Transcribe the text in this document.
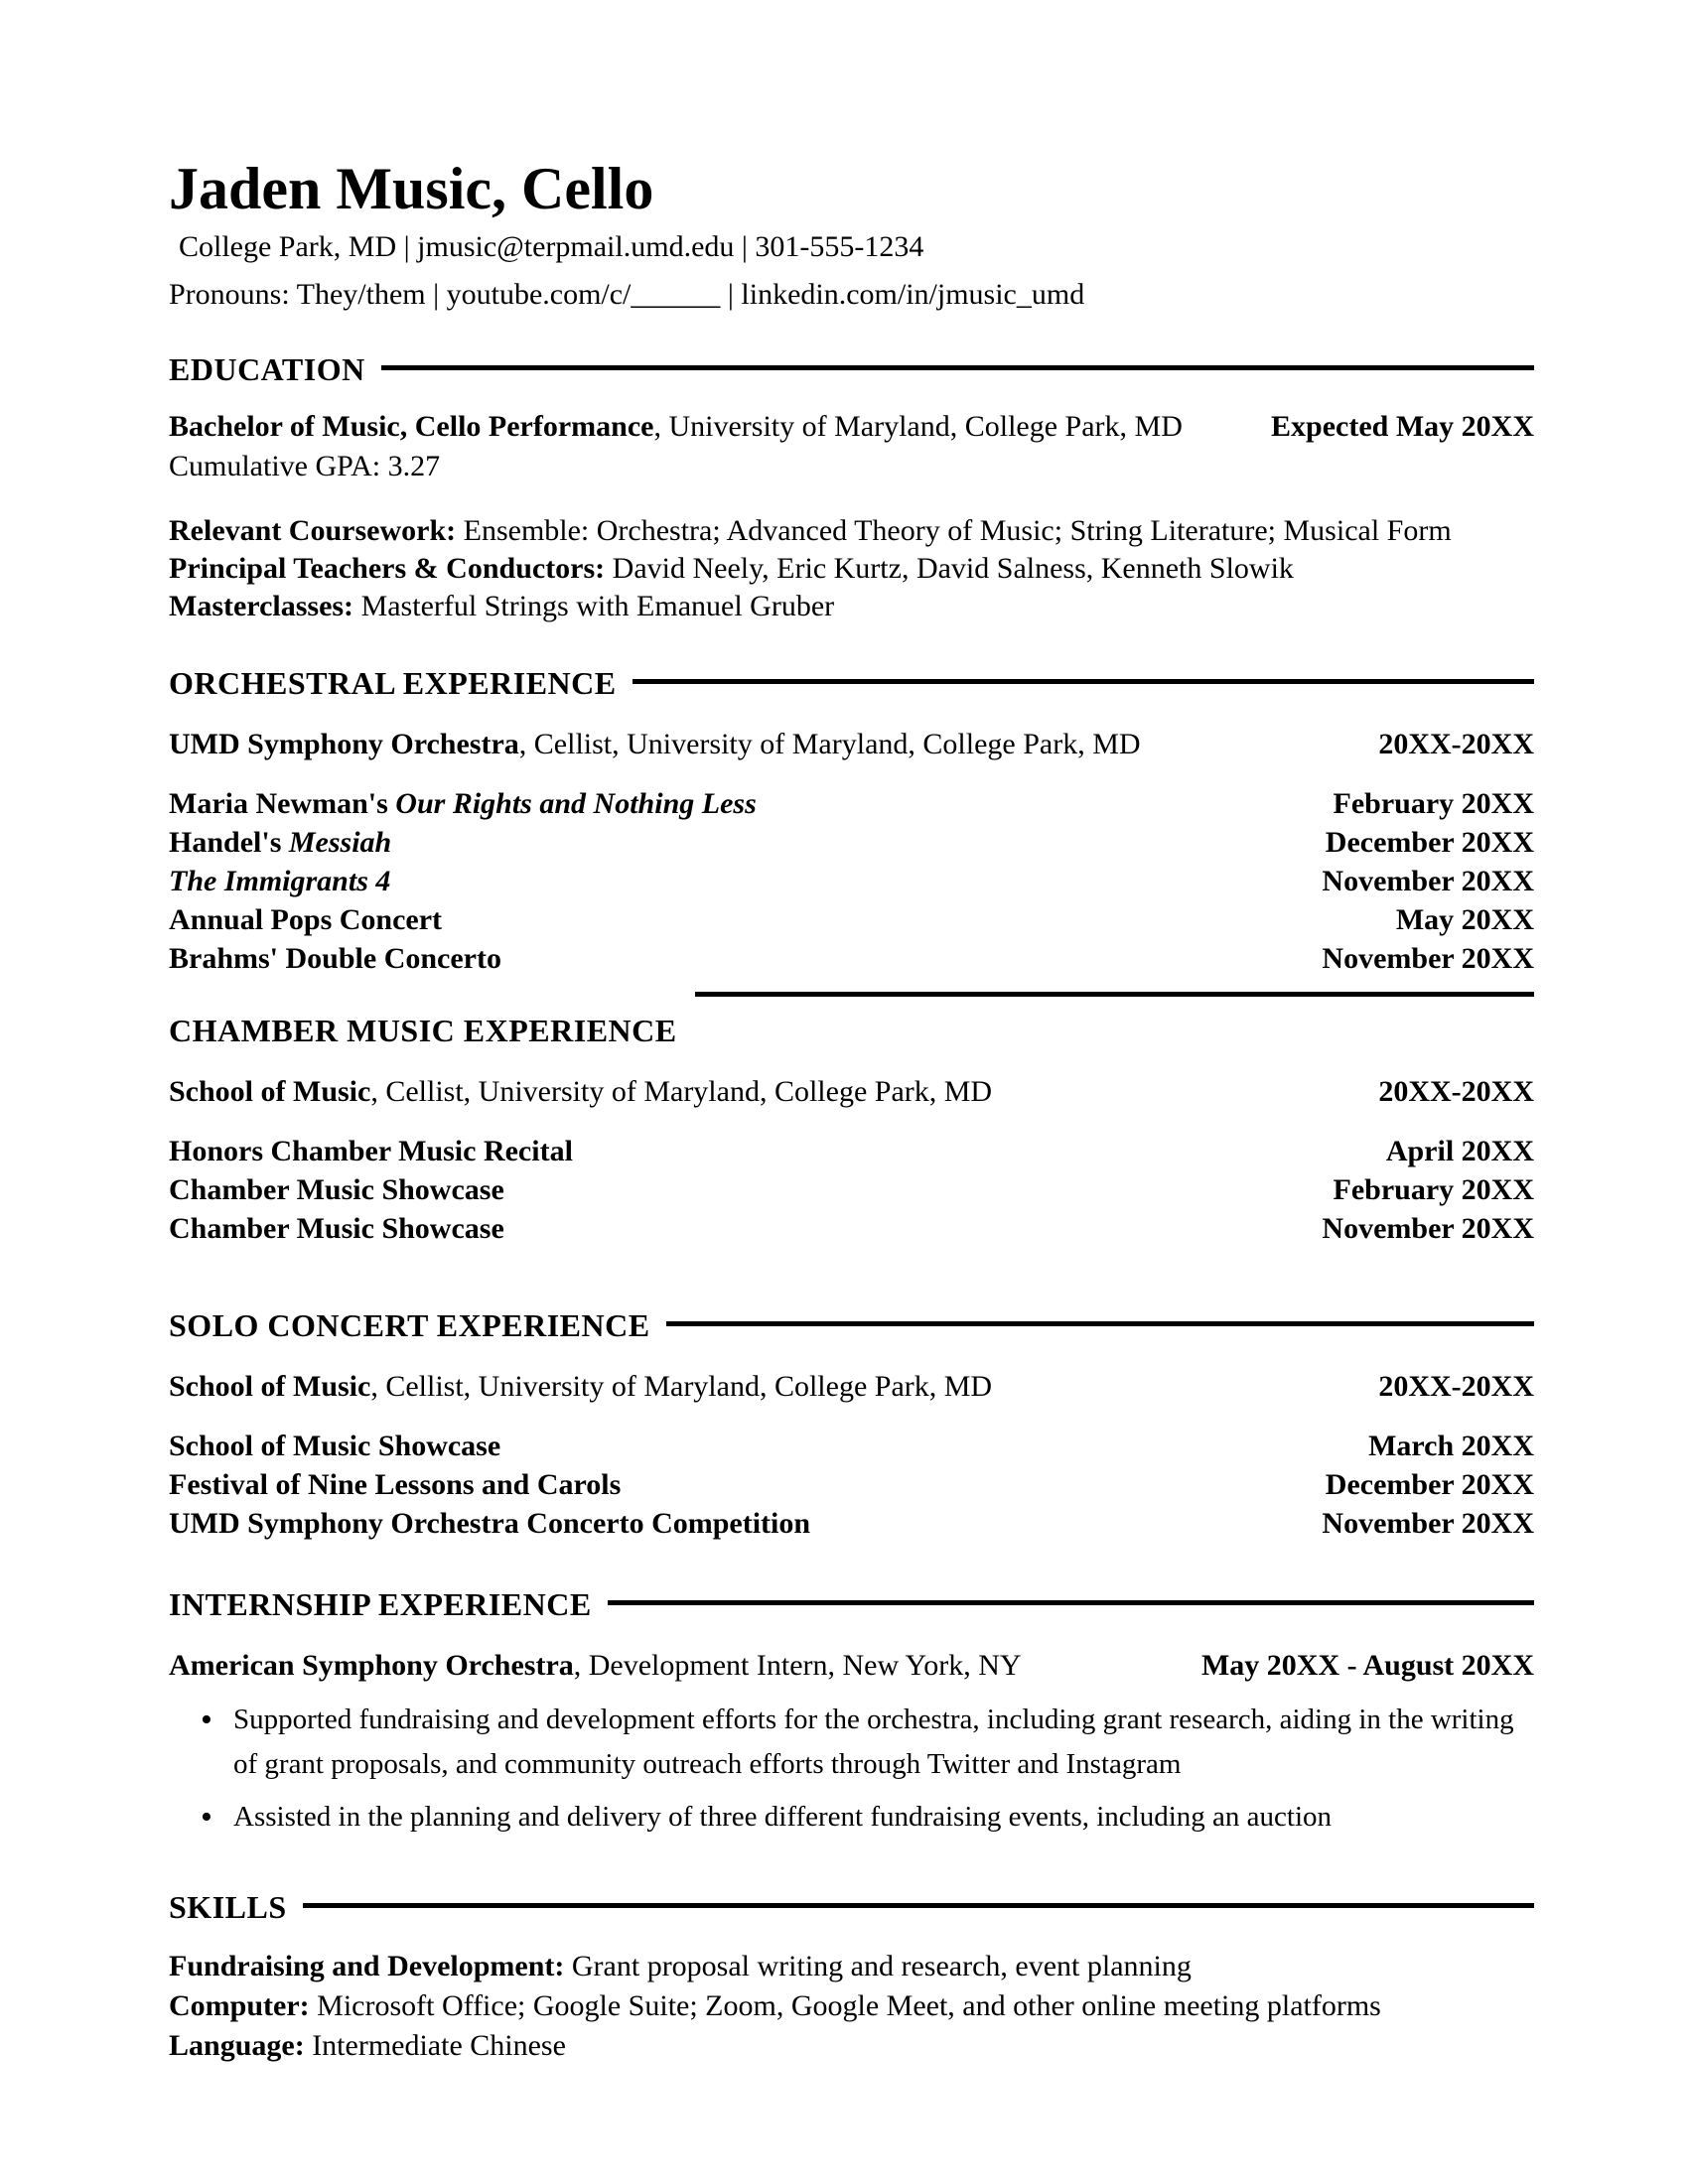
Jaden Music, Cello
College Park, MD | jmusic@terpmail.umd.edu | 301-555-1234
Pronouns: They/them | youtube.com/c/______ | linkedin.com/in/jmusic_umd
EDUCATION
Bachelor of Music, Cello Performance, University of Maryland, College Park, MD	Expected May 20XX
Cumulative GPA: 3.27
Relevant Coursework: Ensemble: Orchestra; Advanced Theory of Music; String Literature; Musical Form
Principal Teachers & Conductors: David Neely, Eric Kurtz, David Salness, Kenneth Slowik
Masterclasses: Masterful Strings with Emanuel Gruber
ORCHESTRAL EXPERIENCE
UMD Symphony Orchestra, Cellist, University of Maryland, College Park, MD	20XX-20XX
Maria Newman's Our Rights and Nothing Less	February 20XX
Handel's Messiah	December 20XX
The Immigrants 4	November 20XX
Annual Pops Concert	May 20XX
Brahms' Double Concerto	November 20XX
CHAMBER MUSIC EXPERIENCE
School of Music, Cellist, University of Maryland, College Park, MD	20XX-20XX
Honors Chamber Music Recital	April 20XX
Chamber Music Showcase	February 20XX
Chamber Music Showcase	November 20XX
SOLO CONCERT EXPERIENCE
School of Music, Cellist, University of Maryland, College Park, MD	20XX-20XX
School of Music Showcase	March 20XX
Festival of Nine Lessons and Carols	December 20XX
UMD Symphony Orchestra Concerto Competition	November 20XX
INTERNSHIP EXPERIENCE
American Symphony Orchestra, Development Intern, New York, NY	May 20XX - August 20XX
• Supported fundraising and development efforts for the orchestra, including grant research, aiding in the writing of grant proposals, and community outreach efforts through Twitter and Instagram
• Assisted in the planning and delivery of three different fundraising events, including an auction
SKILLS
Fundraising and Development: Grant proposal writing and research, event planning
Computer: Microsoft Office; Google Suite; Zoom, Google Meet, and other online meeting platforms
Language: Intermediate Chinese
